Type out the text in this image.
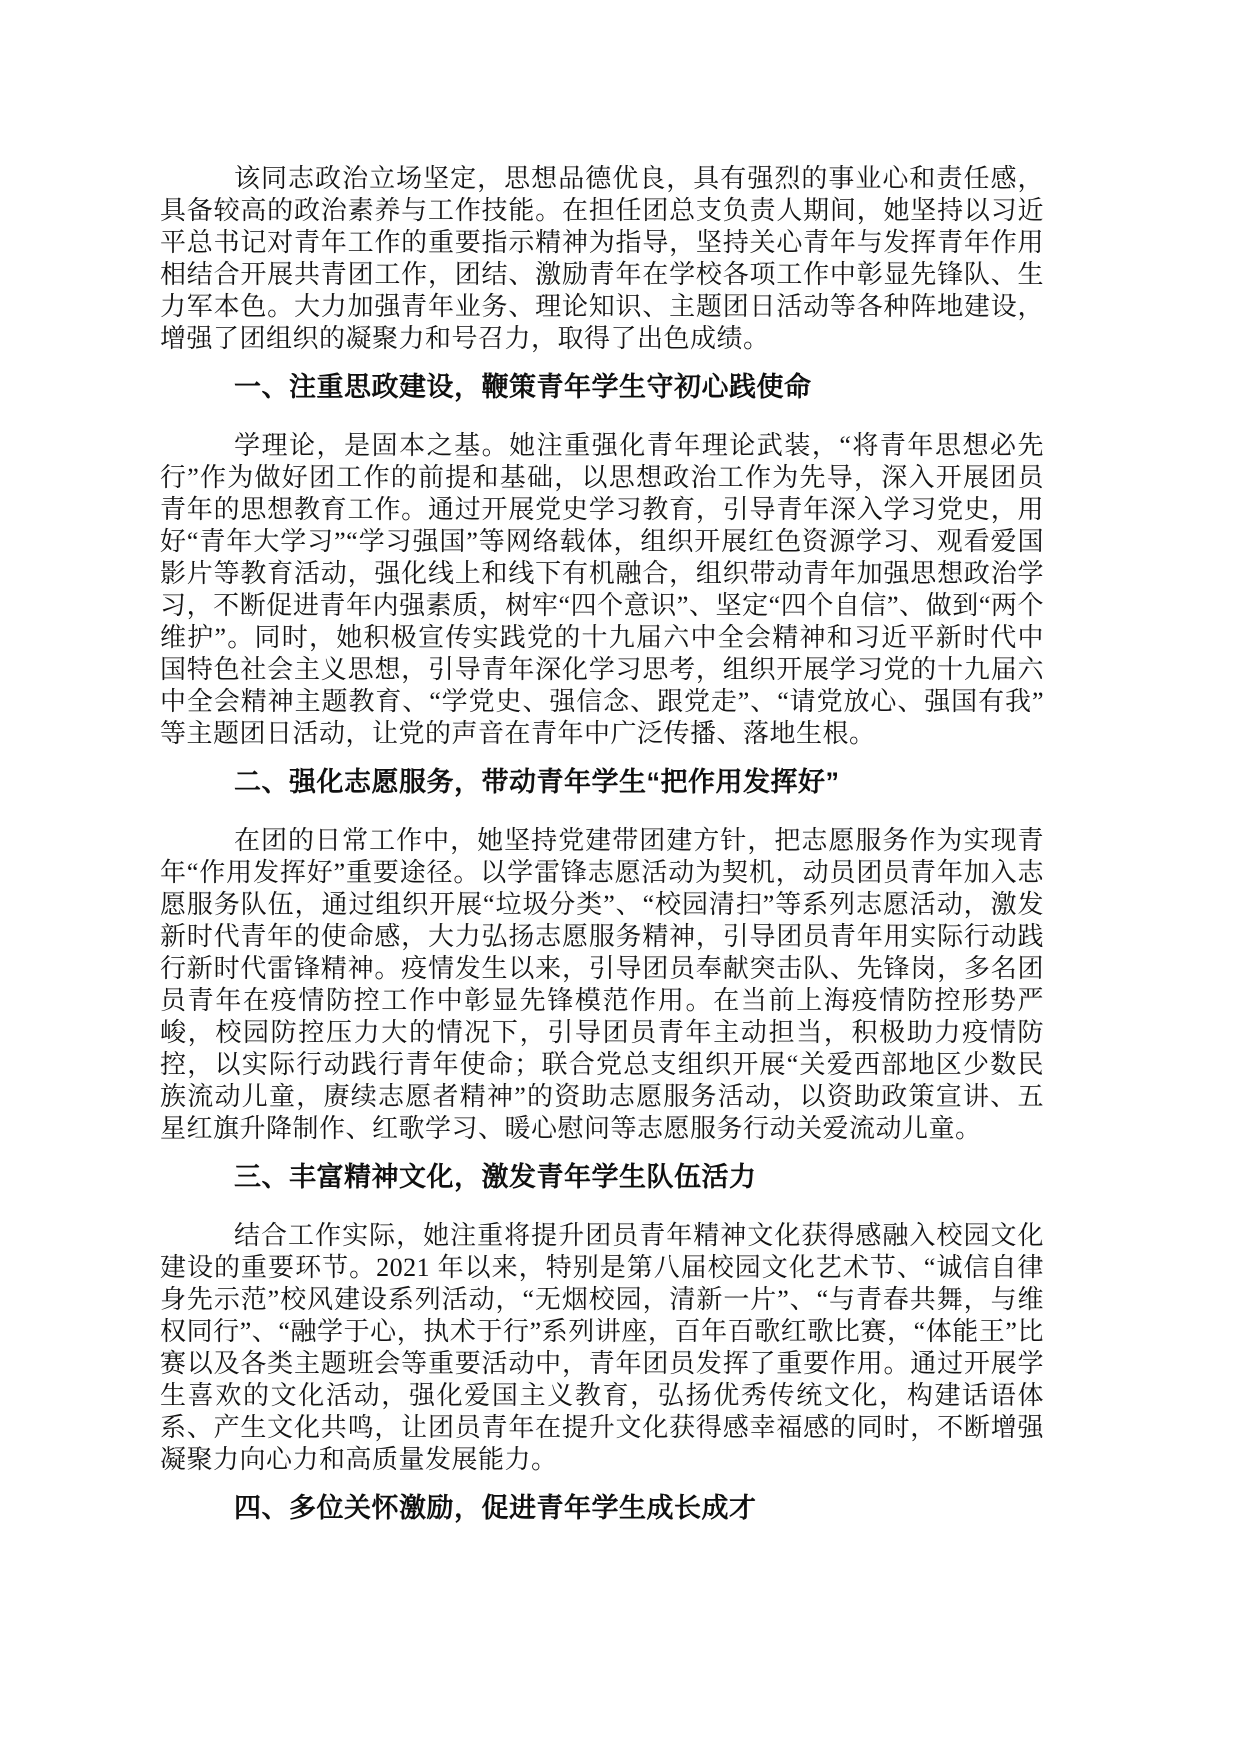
该同志政治立场坚定，思想品德优良，具有强烈的事业心和责任感，具备较高的政治素养与工作技能。在担任团总支负责人期间，她坚持以习近平总书记对青年工作的重要指示精神为指导，坚持关心青年与发挥青年作用相结合开展共青团工作，团结、激励青年在学校各项工作中彰显先锋队、生力军本色。大力加强青年业务、理论知识、主题团日活动等各种阵地建设，增强了团组织的凝聚力和号召力，取得了出色成绩。

一、注重思政建设，鞭策青年学生守初心践使命

学理论，是固本之基。她注重强化青年理论武装，“将青年思想必先行”作为做好团工作的前提和基础，以思想政治工作为先导，深入开展团员青年的思想教育工作。通过开展党史学习教育，引导青年深入学习党史，用好“青年大学习”“学习强国”等网络载体，组织开展红色资源学习、观看爱国影片等教育活动，强化线上和线下有机融合，组织带动青年加强思想政治学习，不断促进青年内强素质，树牢“四个意识”、坚定“四个自信”、做到“两个维护”。同时，她积极宣传实践党的十九届六中全会精神和习近平新时代中国特色社会主义思想，引导青年深化学习思考，组织开展学习党的十九届六中全会精神主题教育、“学党史、强信念、跟党走”、“请党放心、强国有我”等主题团日活动，让党的声音在青年中广泛传播、落地生根。

二、强化志愿服务，带动青年学生“把作用发挥好”

在团的日常工作中，她坚持党建带团建方针，把志愿服务作为实现青年“作用发挥好”重要途径。以学雷锋志愿活动为契机，动员团员青年加入志愿服务队伍，通过组织开展“垃圾分类”、“校园清扫”等系列志愿活动，激发新时代青年的使命感，大力弘扬志愿服务精神，引导团员青年用实际行动践行新时代雷锋精神。疫情发生以来，引导团员奉献突击队、先锋岗，多名团员青年在疫情防控工作中彰显先锋模范作用。在当前上海疫情防控形势严峻，校园防控压力大的情况下，引导团员青年主动担当，积极助力疫情防控，以实际行动践行青年使命；联合党总支组织开展“关爱西部地区少数民族流动儿童，赓续志愿者精神”的资助志愿服务活动，以资助政策宣讲、五星红旗升降制作、红歌学习、暖心慰问等志愿服务行动关爱流动儿童。

三、丰富精神文化，激发青年学生队伍活力

结合工作实际，她注重将提升团员青年精神文化获得感融入校园文化建设的重要环节。2021 年以来，特别是第八届校园文化艺术节、“诚信自律 身先示范”校风建设系列活动，“无烟校园，清新一片”、“与青春共舞，与维权同行”、“融学于心，执术于行”系列讲座，百年百歌红歌比赛，“体能王”比赛以及各类主题班会等重要活动中，青年团员发挥了重要作用。通过开展学生喜欢的文化活动，强化爱国主义教育，弘扬优秀传统文化，构建话语体系、产生文化共鸣，让团员青年在提升文化获得感幸福感的同时，不断增强凝聚力向心力和高质量发展能力。

四、多位关怀激励，促进青年学生成长成才
